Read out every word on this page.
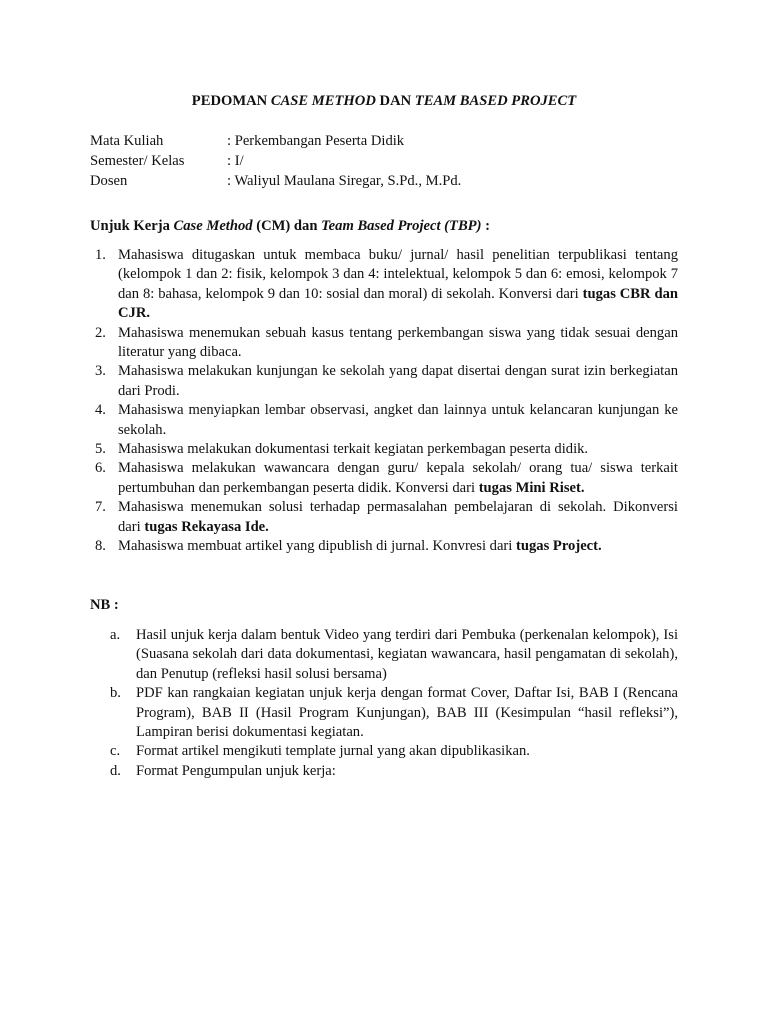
PEDOMAN CASE METHOD DAN TEAM BASED PROJECT
Mata Kuliah	: Perkembangan Peserta Didik
Semester/ Kelas	: I/
Dosen	: Waliyul Maulana Siregar, S.Pd., M.Pd.
Unjuk Kerja Case Method (CM) dan Team Based Project (TBP) :
1. Mahasiswa ditugaskan untuk membaca buku/ jurnal/ hasil penelitian terpublikasi tentang (kelompok 1 dan 2: fisik, kelompok 3 dan 4: intelektual, kelompok 5 dan 6: emosi, kelompok 7 dan 8: bahasa, kelompok 9 dan 10: sosial dan moral) di sekolah. Konversi dari tugas CBR dan CJR.
2. Mahasiswa menemukan sebuah kasus tentang perkembangan siswa yang tidak sesuai dengan literatur yang dibaca.
3. Mahasiswa melakukan kunjungan ke sekolah yang dapat disertai dengan surat izin berkegiatan dari Prodi.
4. Mahasiswa menyiapkan lembar observasi, angket dan lainnya untuk kelancaran kunjungan ke sekolah.
5. Mahasiswa melakukan dokumentasi terkait kegiatan perkembagan peserta didik.
6. Mahasiswa melakukan wawancara dengan guru/ kepala sekolah/ orang tua/ siswa terkait pertumbuhan dan perkembangan peserta didik. Konversi dari tugas Mini Riset.
7. Mahasiswa menemukan solusi terhadap permasalahan pembelajaran di sekolah. Dikonversi dari tugas Rekayasa Ide.
8. Mahasiswa membuat artikel yang dipublish di jurnal. Konvresi dari tugas Project.
NB :
a.	Hasil unjuk kerja dalam bentuk Video yang terdiri dari Pembuka (perkenalan kelompok), Isi (Suasana sekolah dari data dokumentasi, kegiatan wawancara, hasil pengamatan di sekolah), dan Penutup (refleksi hasil solusi bersama)
b.	PDF kan rangkaian kegiatan unjuk kerja dengan format Cover, Daftar Isi, BAB I (Rencana Program), BAB II (Hasil Program Kunjungan), BAB III (Kesimpulan “hasil refleksi”), Lampiran berisi dokumentasi kegiatan.
c.	Format artikel mengikuti template jurnal yang akan dipublikasikan.
d.	Format Pengumpulan unjuk kerja:
